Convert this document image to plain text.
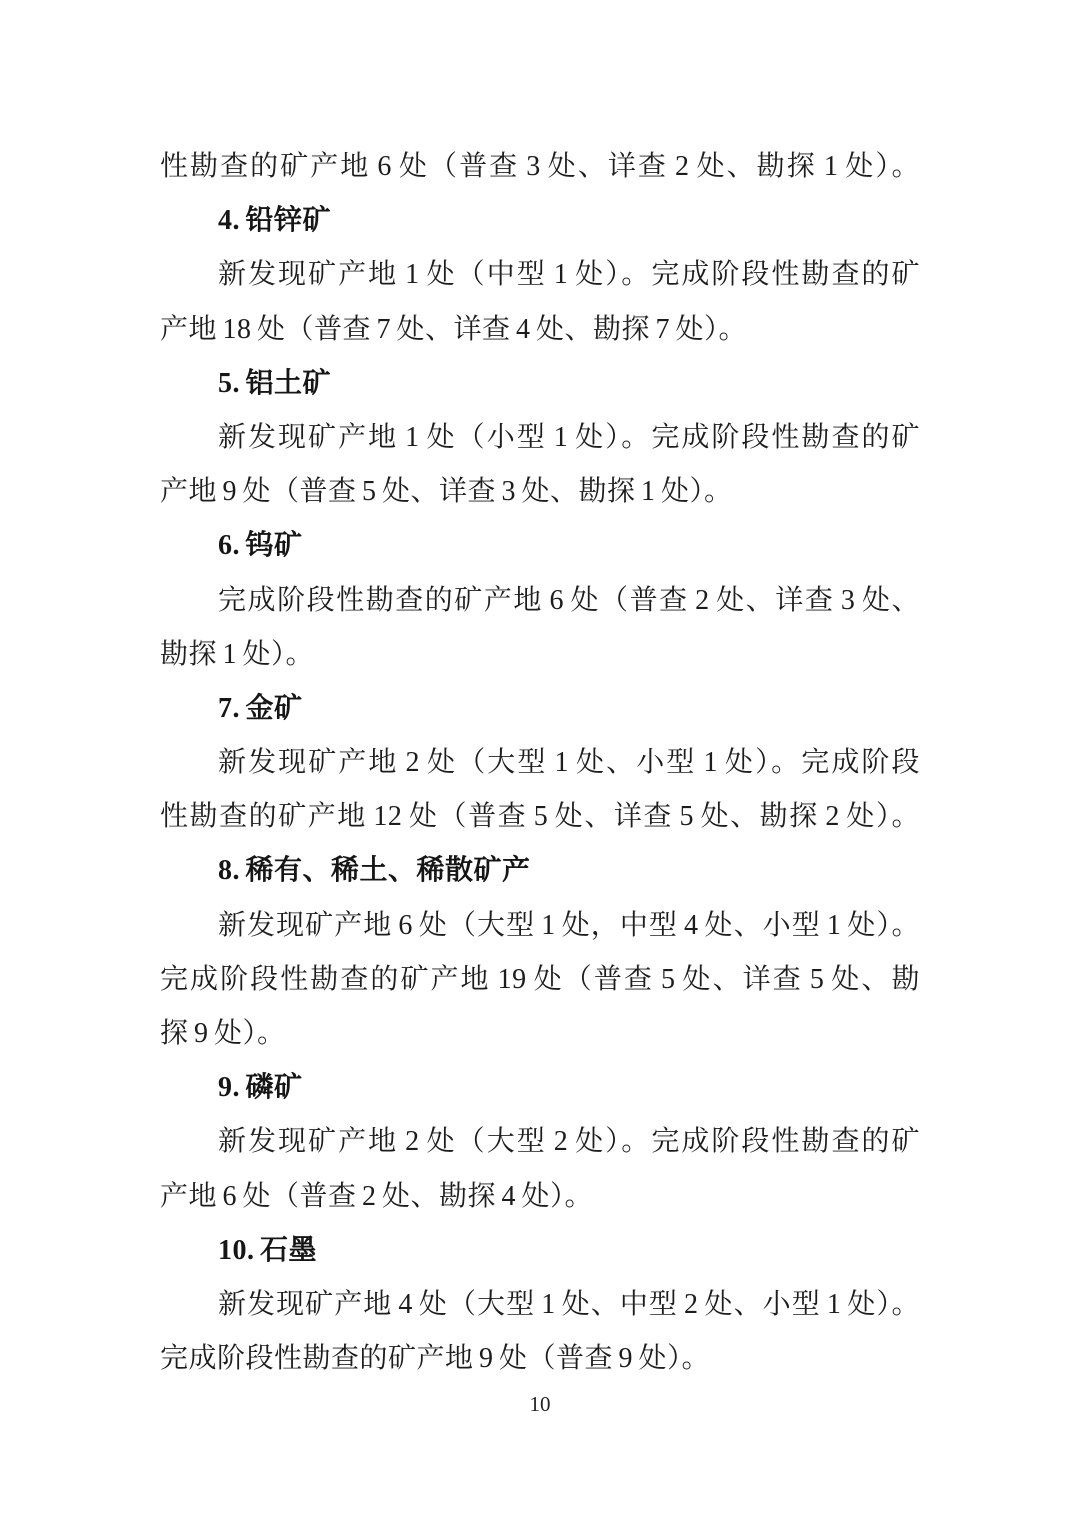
性勘查的矿产地 6 处（普查 3 处、详查 2 处、勘探 1 处）。
4. 铅锌矿
新发现矿产地 1 处（中型 1 处）。完成阶段性勘查的矿
产地 18 处（普查 7 处、详查 4 处、勘探 7 处）。
5. 铝土矿
新发现矿产地 1 处（小型 1 处）。完成阶段性勘查的矿
产地 9 处（普查 5 处、详查 3 处、勘探 1 处）。
6. 钨矿
完成阶段性勘查的矿产地 6 处（普查 2 处、详查 3 处、
勘探 1 处）。
7. 金矿
新发现矿产地 2 处（大型 1 处、小型 1 处）。完成阶段
性勘查的矿产地 12 处（普查 5 处、详查 5 处、勘探 2 处）。
8. 稀有、稀土、稀散矿产
新发现矿产地 6 处（大型 1 处，中型 4 处、小型 1 处）。
完成阶段性勘查的矿产地 19 处（普查 5 处、详查 5 处、勘
探 9 处）。
9. 磷矿
新发现矿产地 2 处（大型 2 处）。完成阶段性勘查的矿
产地 6 处（普查 2 处、勘探 4 处）。
10. 石墨
新发现矿产地 4 处（大型 1 处、中型 2 处、小型 1 处）。
完成阶段性勘查的矿产地 9 处（普查 9 处）。
10
